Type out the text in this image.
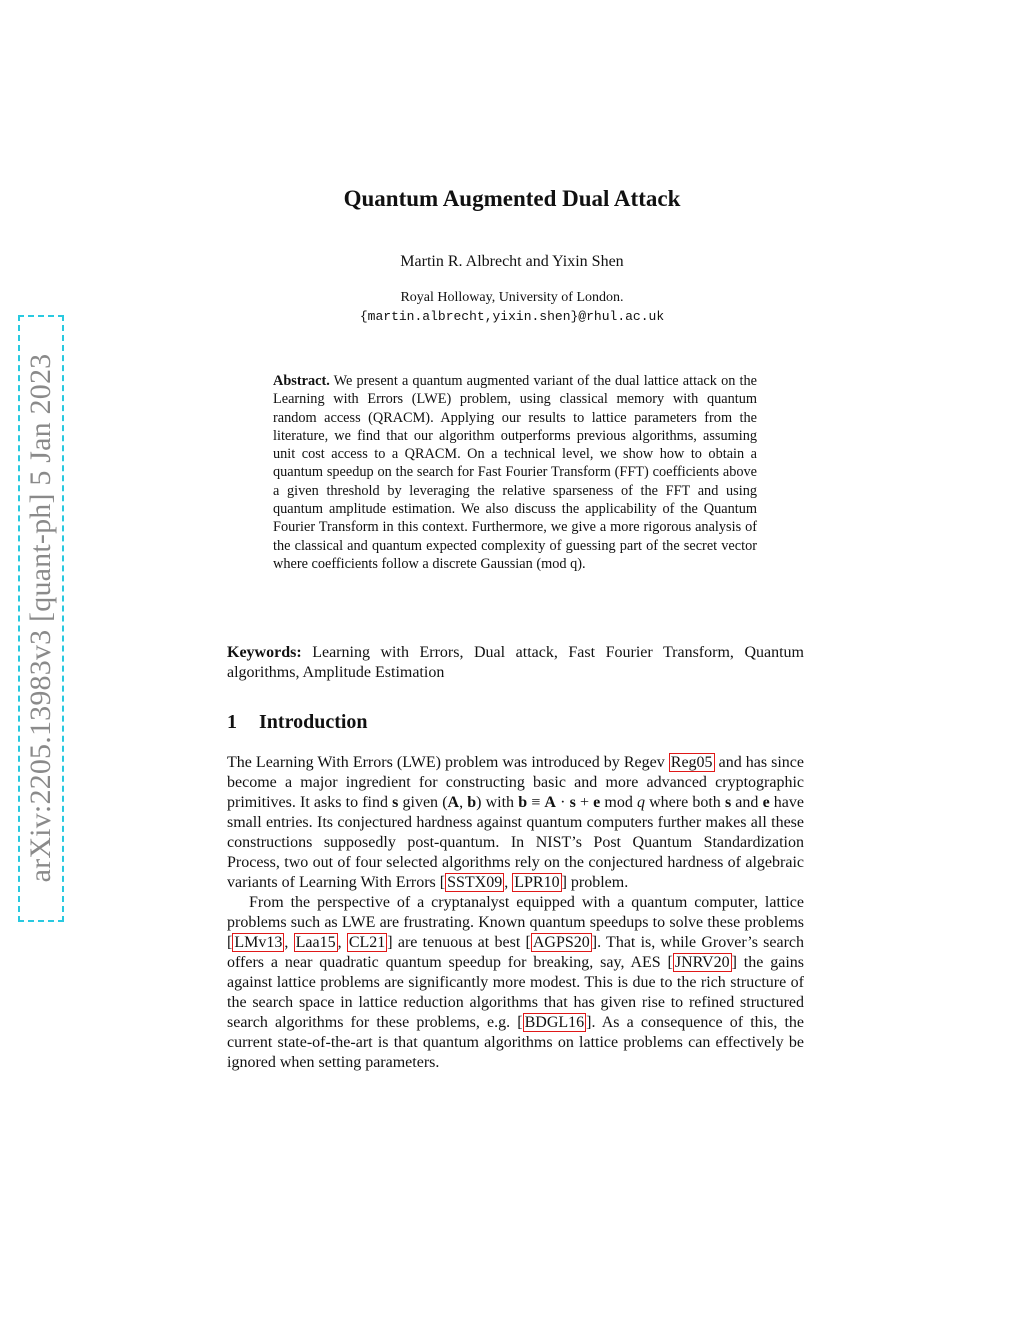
arXiv:2205.13983v3 [quant-ph] 5 Jan 2023
Quantum Augmented Dual Attack
Martin R. Albrecht and Yixin Shen
Royal Holloway, University of London.
{martin.albrecht,yixin.shen}@rhul.ac.uk
Abstract. We present a quantum augmented variant of the dual lattice attack on the Learning with Errors (LWE) problem, using classical memory with quantum random access (QRACM). Applying our results to lattice parameters from the literature, we find that our algorithm outperforms previous algorithms, assuming unit cost access to a QRACM. On a technical level, we show how to obtain a quantum speedup on the search for Fast Fourier Transform (FFT) coefficients above a given threshold by leveraging the relative sparseness of the FFT and using quantum amplitude estimation. We also discuss the applicability of the Quantum Fourier Transform in this context. Furthermore, we give a more rigorous analysis of the classical and quantum expected complexity of guessing part of the secret vector where coefficients follow a discrete Gaussian (mod q).
Keywords: Learning with Errors, Dual attack, Fast Fourier Transform, Quantum algorithms, Amplitude Estimation
1 Introduction

The Learning With Errors (LWE) problem was introduced by Regev Reg05 and has since become a major ingredient for constructing basic and more advanced cryptographic primitives. It asks to find s given (A, b) with b ≡ A · s + e mod q where both s and e have small entries. Its conjectured hardness against quantum computers further makes all these constructions supposedly post-quantum. In NIST’s Post Quantum Standardization Process, two out of four selected algorithms rely on the conjectured hardness of algebraic variants of Learning With Errors [ SSTX09 , LPR10 ] problem.

From the perspective of a cryptanalyst equipped with a quantum computer, lattice problems such as LWE are frustrating. Known quantum speedups to solve these problems [ LMv13 , Laa15 , CL21 ] are tenuous at best [ AGPS20 ]. That is, while Grover’s search offers a near quadratic quantum speedup for breaking, say, AES [ JNRV20 ] the gains against lattice problems are significantly more modest. This is due to the rich structure of the search space in lattice reduction algorithms that has given rise to refined structured search algorithms for these problems, e.g. [ BDGL16 ]. As a consequence of this, the current state-of-the-art is that quantum algorithms on lattice problems can effectively be ignored when setting parameters.
